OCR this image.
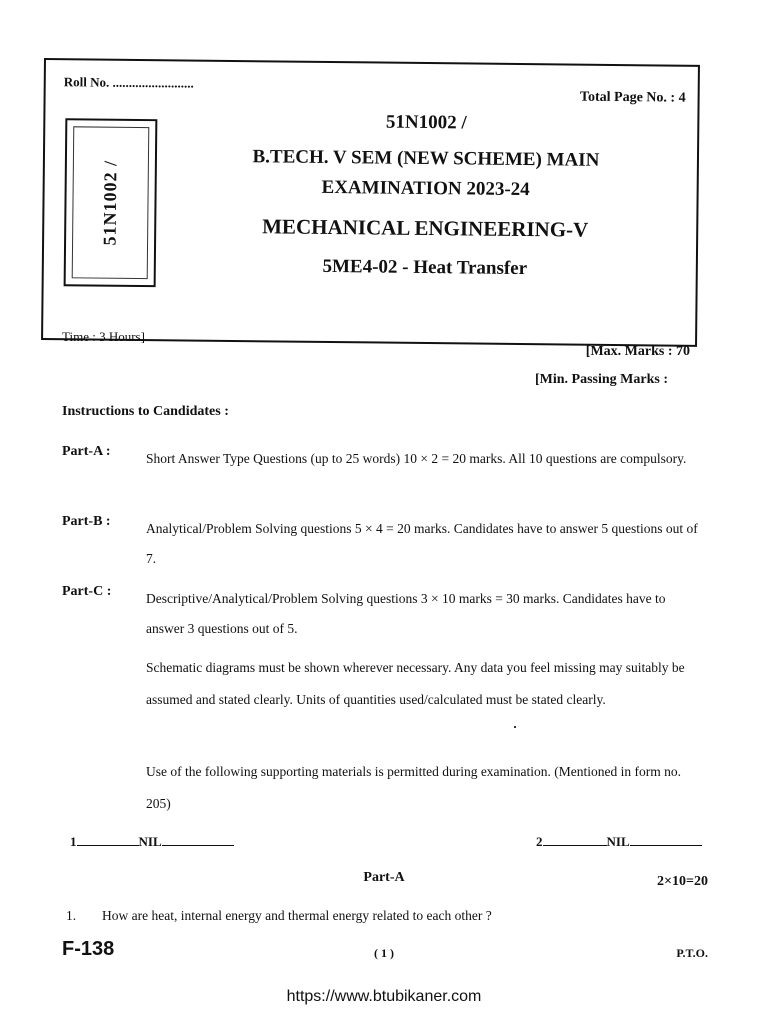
Roll No. .........................
Total Page No. : 4
51N1002 /
51N1002 /
B.TECH. V SEM (NEW SCHEME) MAIN
EXAMINATION 2023-24
MECHANICAL ENGINEERING-V
5ME4-02 - Heat Transfer
Time : 3 Hours]
[Max. Marks : 70
[Min. Passing Marks :
Instructions to Candidates :
Part-A :	Short Answer Type Questions (up to 25 words) 10 × 2 = 20 marks. All 10 questions are compulsory.
Part-B :	Analytical/Problem Solving questions 5 × 4 = 20 marks. Candidates have to answer 5 questions out of 7.
Part-C :	Descriptive/Analytical/Problem Solving questions 3 × 10 marks = 30 marks. Candidates have to answer 3 questions out of 5.
Schematic diagrams must be shown wherever necessary. Any data you feel missing may suitably be assumed and stated clearly. Units of quantities used/calculated must be stated clearly.
Use of the following supporting materials is permitted during examination. (Mentioned in form no. 205)
1	NIL	2	NIL
Part-A	2×10=20
1. How are heat, internal energy and thermal energy related to each other ?
F-138	( 1 )	P.T.O.
https://www.btubikaner.com
